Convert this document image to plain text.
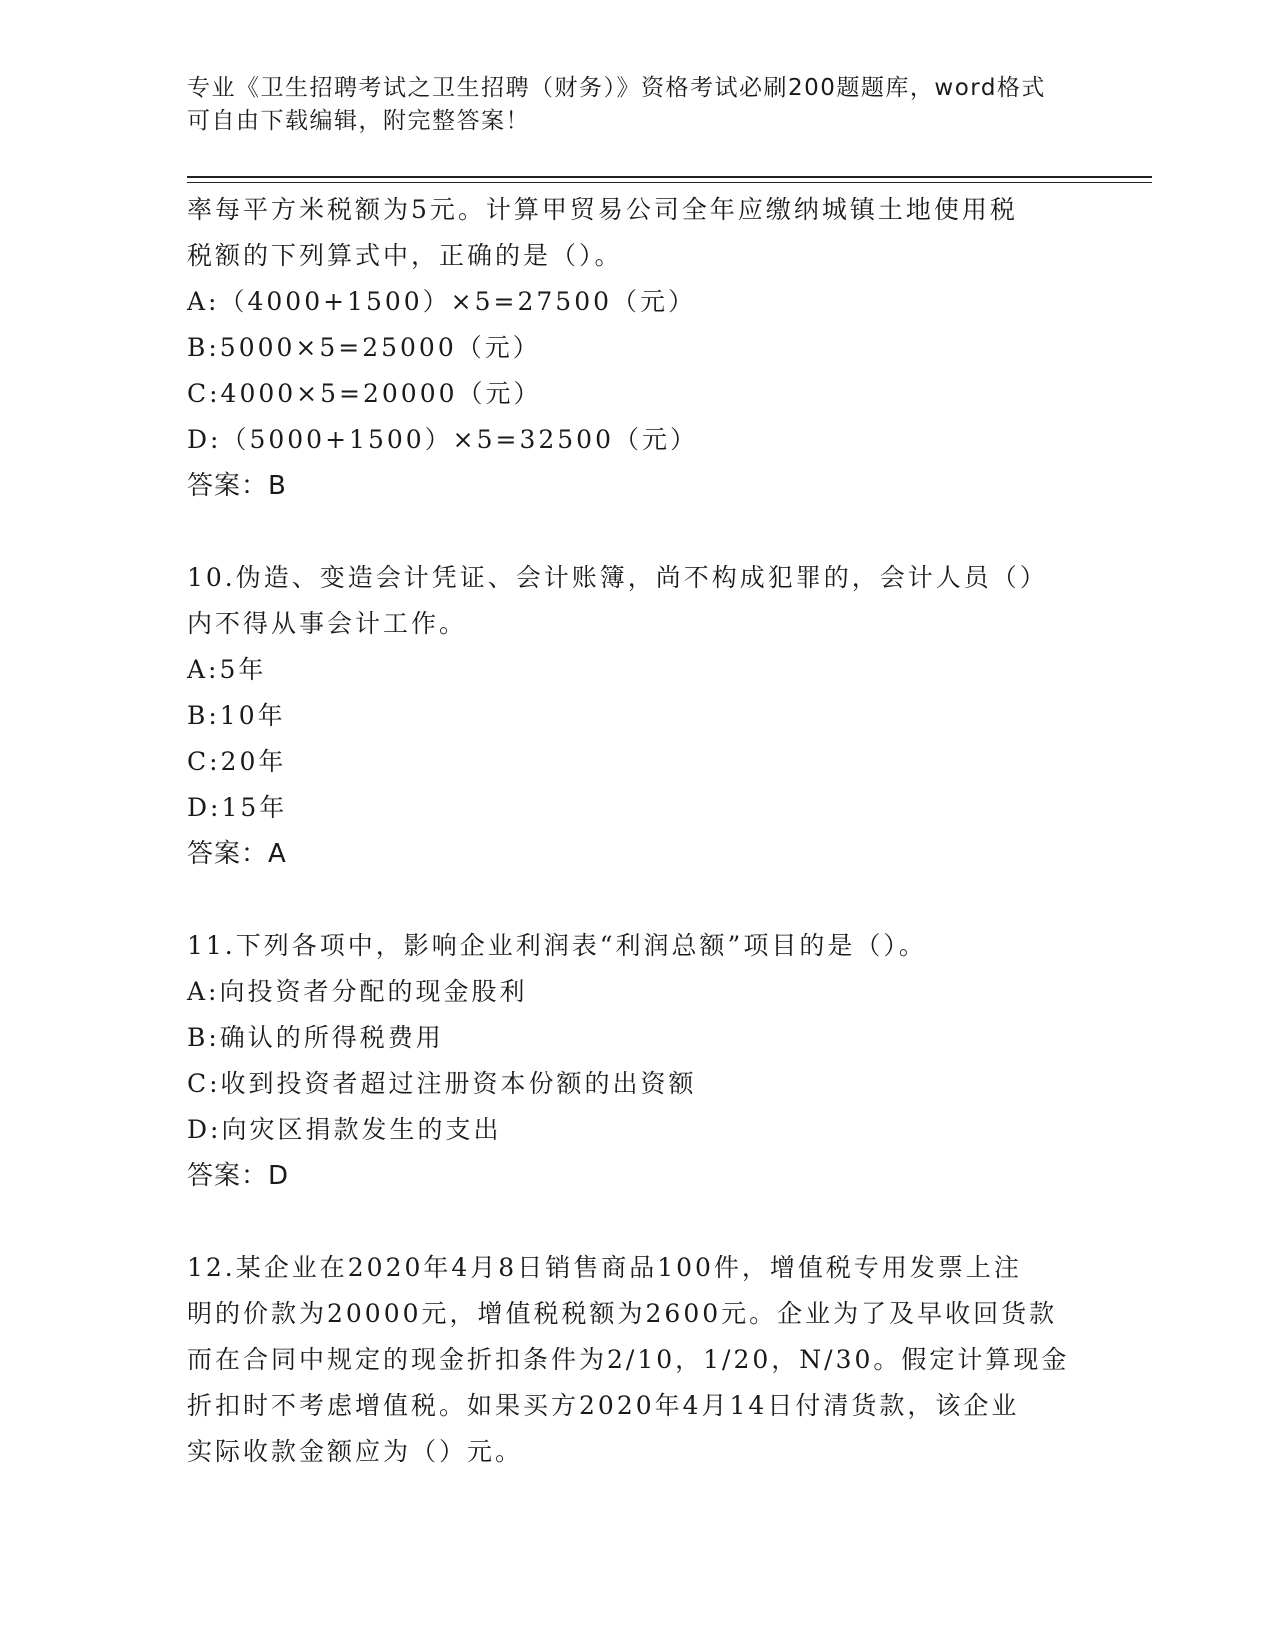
专业《卫生招聘考试之卫生招聘（财务）》资格考试必刷200题题库，word格式
可自由下载编辑，附完整答案！
率每平方米税额为5元。计算甲贸易公司全年应缴纳城镇土地使用税
税额的下列算式中，正确的是（）。
A:（4000+1500）×5=27500（元）
B:5000×5=25000（元）
C:4000×5=20000（元）
D:（5000+1500）×5=32500（元）
答案：B
10.伪造、变造会计凭证、会计账簿，尚不构成犯罪的，会计人员（）
内不得从事会计工作。
A:5年
B:10年
C:20年
D:15年
答案：A
11.下列各项中，影响企业利润表“利润总额”项目的是（）。
A:向投资者分配的现金股利
B:确认的所得税费用
C:收到投资者超过注册资本份额的出资额
D:向灾区捐款发生的支出
答案：D
12.某企业在2020年4月8日销售商品100件，增值税专用发票上注
明的价款为20000元，增值税税额为2600元。企业为了及早收回货款
而在合同中规定的现金折扣条件为2/10，1/20，N/30。假定计算现金
折扣时不考虑增值税。如果买方2020年4月14日付清货款，该企业
实际收款金额应为（）元。
